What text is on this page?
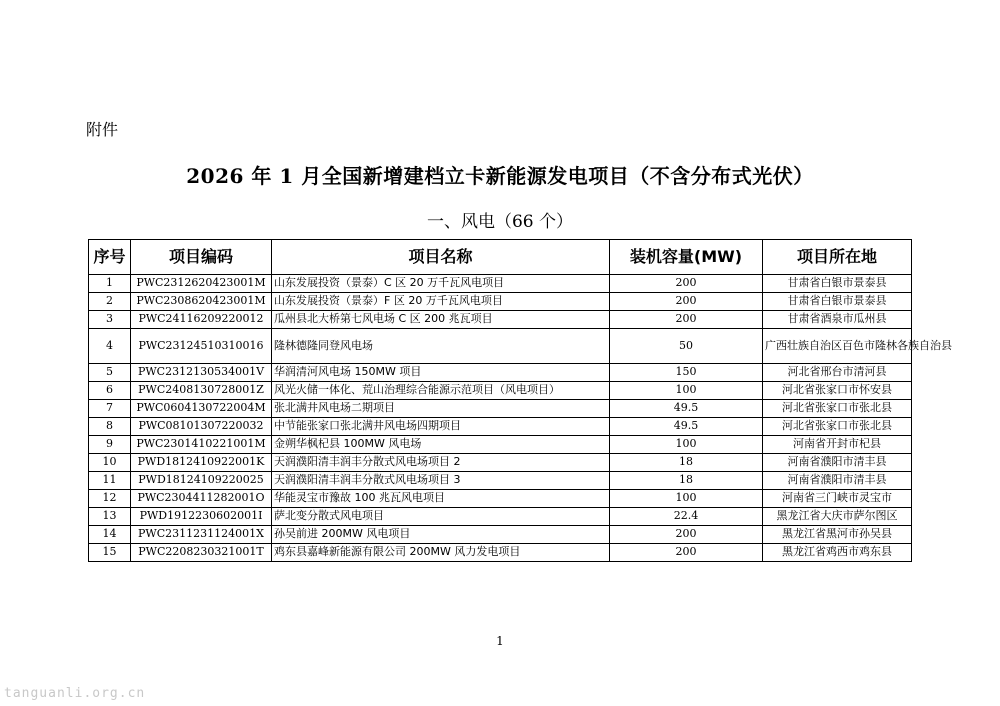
附件
2026 年 1 月全国新增建档立卡新能源发电项目（不含分布式光伏）
一、风电（66 个）
序号	项目编码	项目名称	装机容量(MW)	项目所在地
1	PWC2312620423001M	山东发展投资（景泰）C 区 20 万千瓦风电项目	200	甘肃省白银市景泰县
2	PWC2308620423001M	山东发展投资（景泰）F 区 20 万千瓦风电项目	200	甘肃省白银市景泰县
3	PWC2411620922001​2	瓜州县北大桥第七风电场 C 区 200 兆瓦项目	200	甘肃省酒泉市瓜州县
4	PWC2312451031001​6	隆林德隆同登风电场	50	广西壮族自治区百色市隆林各族自治县
5	PWC2312130534001V	华润清河风电场 150MW 项目	150	河北省邢台市清河县
6	PWC2408130728001Z	风光火储一体化、荒山治理综合能源示范项目（风电项目）	100	河北省张家口市怀安县
7	PWC0604130722004M	张北满井风电场二期项目	49.5	河北省张家口市张北县
8	PWC0810130722003​2	中节能张家口张北满井风电场四期项目	49.5	河北省张家口市张北县
9	PWC2301410221001M	金朔华枫杞县 100MW 风电场	100	河南省开封市杞县
10	PWD1812410922001K	天润濮阳清丰润丰分散式风电场项目 2	18	河南省濮阳市清丰县
11	PWD1812410922002​5	天润濮阳清丰润丰分散式风电场项目 3	18	河南省濮阳市清丰县
12	PWC2304411282001O	华能灵宝市豫故 100 兆瓦风电项目	100	河南省三门峡市灵宝市
13	PWD1912230602001I	萨北变分散式风电项目	22.4	黑龙江省大庆市萨尔图区
14	PWC2311231124001X	孙吴前进 200MW 风电项目	200	黑龙江省黑河市孙吴县
15	PWC2208230321001T	鸡东县嘉峰新能源有限公司 200MW 风力发电项目	200	黑龙江省鸡西市鸡东县
1
tanguanli.org.cn
